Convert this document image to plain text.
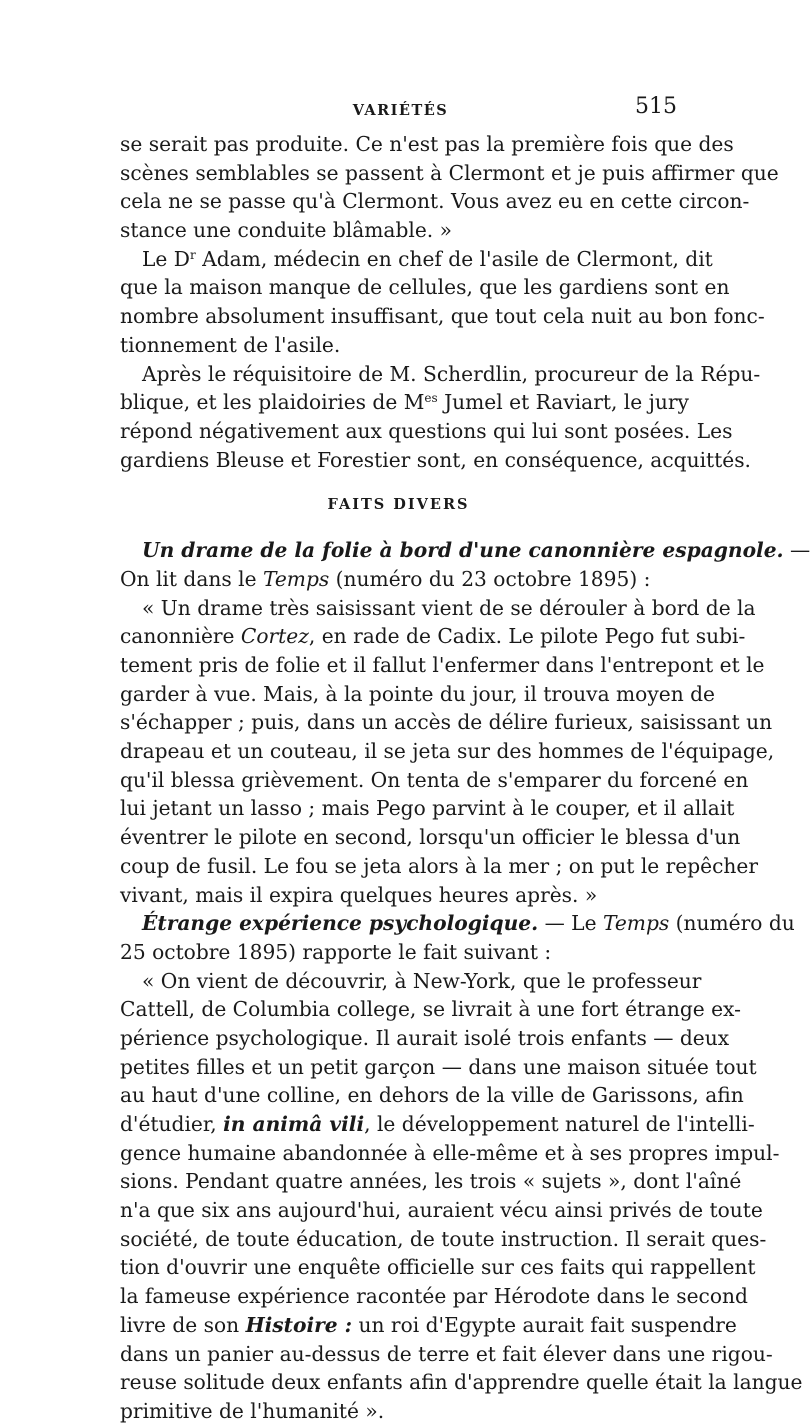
VARIÉTÉS	515
se serait pas produite. Ce n'est pas la première fois que des
scènes semblables se passent à Clermont et je puis affirmer que
cela ne se passe qu'à Clermont. Vous avez eu en cette circon-
stance une conduite blâmable. »
Le $D^r$ Adam, médecin en chef de l'asile de Clermont, dit
que la maison manque de cellules, que les gardiens sont en
nombre absolument insuffisant, que tout cela nuit au bon fonc-
tionnement de l'asile.
Après le réquisitoire de M. Scherdlin, procureur de la Répu-
blique, et les plaidoiries de $M^{es}$ Jumel et Raviart, le jury
répond négativement aux questions qui lui sont posées. Les
gardiens Bleuse et Forestier sont, en conséquence, acquittés.
FAITS DIVERS
Un drame de la folie à bord d'une canonnière espagnole. —
On lit dans le Temps (numéro du 23 octobre 1895) :
« Un drame très saisissant vient de se dérouler à bord de la
canonnière Cortez, en rade de Cadix. Le pilote Pego fut subi-
tement pris de folie et il fallut l'enfermer dans l'entrepont et le
garder à vue. Mais, à la pointe du jour, il trouva moyen de
s'échapper ; puis, dans un accès de délire furieux, saisissant un
drapeau et un couteau, il se jeta sur des hommes de l'équipage,
qu'il blessa grièvement. On tenta de s'emparer du forcené en
lui jetant un lasso ; mais Pego parvint à le couper, et il allait
éventrer le pilote en second, lorsqu'un officier le blessa d'un
coup de fusil. Le fou se jeta alors à la mer ; on put le repêcher
vivant, mais il expira quelques heures après. »
Étrange expérience psychologique. — Le Temps (numéro du
25 octobre 1895) rapporte le fait suivant :
« On vient de découvrir, à New-York, que le professeur
Cattell, de Columbia college, se livrait à une fort étrange ex-
périence psychologique. Il aurait isolé trois enfants — deux
petites filles et un petit garçon — dans une maison située tout
au haut d'une colline, en dehors de la ville de Garissons, afin
d'étudier, in animâ vili, le développement naturel de l'intelli-
gence humaine abandonnée à elle-même et à ses propres impul-
sions. Pendant quatre années, les trois « sujets », dont l'aîné
n'a que six ans aujourd'hui, auraient vécu ainsi privés de toute
société, de toute éducation, de toute instruction. Il serait ques-
tion d'ouvrir une enquête officielle sur ces faits qui rappellent
la fameuse expérience racontée par Hérodote dans le second
livre de son Histoire : un roi d'Egypte aurait fait suspendre
dans un panier au-dessus de terre et fait élever dans une rigou-
reuse solitude deux enfants afin d'apprendre quelle était la langue
primitive de l'humanité ».
